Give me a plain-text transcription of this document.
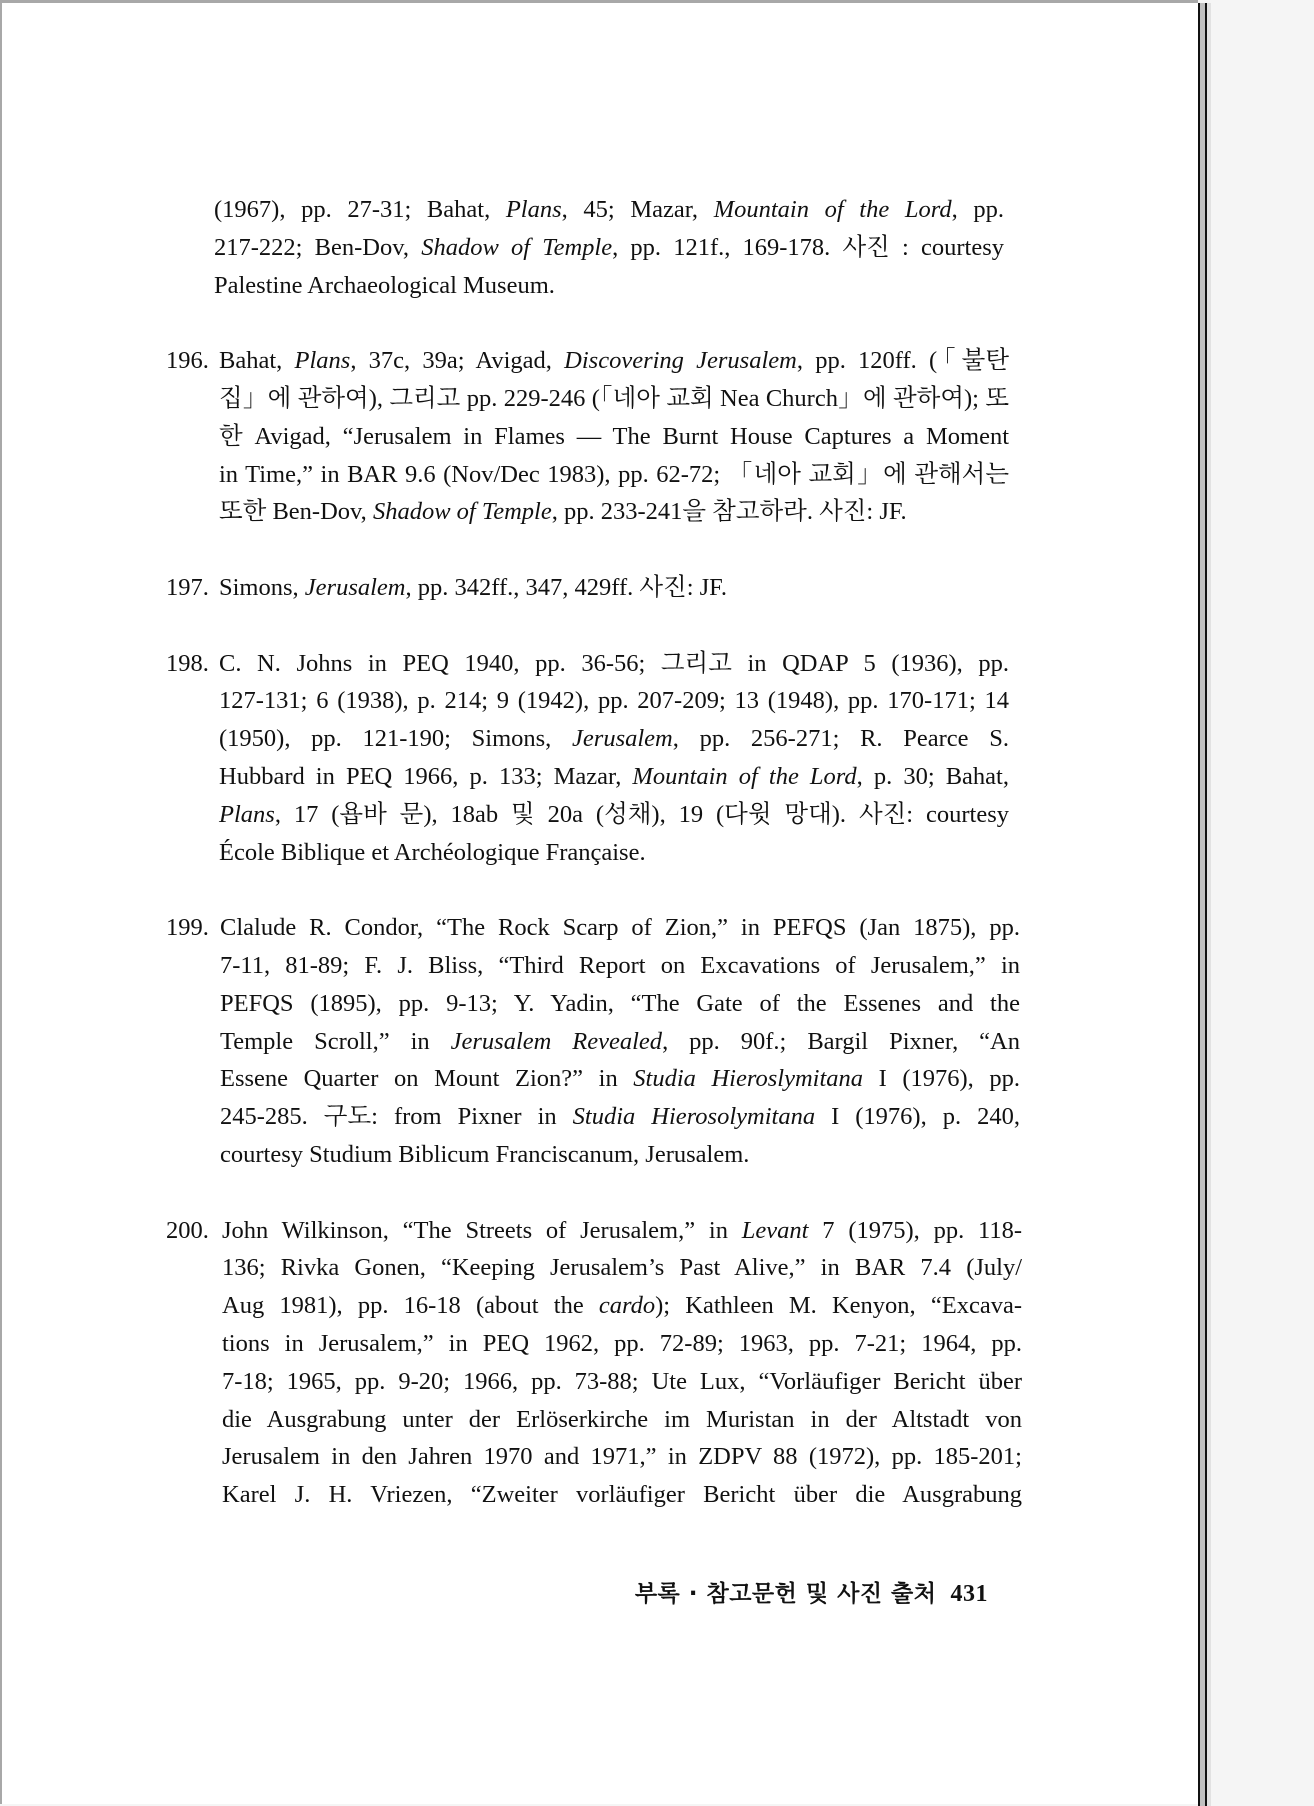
(1967), pp. 27-31; Bahat, Plans, 45; Mazar, Mountain of the Lord, pp.
217-222; Ben-Dov, Shadow of Temple, pp. 121f., 169-178. 사진 : courtesy
Palestine Archaeological Museum.
196. Bahat, Plans, 37c, 39a; Avigad, Discovering Jerusalem, pp. 120ff. (「불탄
집」에 관하여), 그리고 pp. 229-246 (「네아 교회 Nea Church」에 관하여); 또
한 Avigad, “Jerusalem in Flames — The Burnt House Captures a Moment
in Time,” in BAR 9.6 (Nov/Dec 1983), pp. 62-72; 「네아 교회」에 관해서는
또한 Ben-Dov, Shadow of Temple, pp. 233-241을 참고하라. 사진: JF.
197. Simons, Jerusalem, pp. 342ff., 347, 429ff. 사진: JF.
198. C. N. Johns in PEQ 1940, pp. 36-56; 그리고 in QDAP 5 (1936), pp.
127-131; 6 (1938), p. 214; 9 (1942), pp. 207-209; 13 (1948), pp. 170-171; 14
(1950), pp. 121-190; Simons, Jerusalem, pp. 256-271; R. Pearce S.
Hubbard in PEQ 1966, p. 133; Mazar, Mountain of the Lord, p. 30; Bahat,
Plans, 17 (욥바 문), 18ab 및 20a (성채), 19 (다윗 망대). 사진: courtesy
École Biblique et Archéologique Française.
199. Clalude R. Condor, “The Rock Scarp of Zion,” in PEFQS (Jan 1875), pp.
7-11, 81-89; F. J. Bliss, “Third Report on Excavations of Jerusalem,” in
PEFQS (1895), pp. 9-13; Y. Yadin, “The Gate of the Essenes and the
Temple Scroll,” in Jerusalem Revealed, pp. 90f.; Bargil Pixner, “An
Essene Quarter on Mount Zion?” in Studia Hieroslymitana I (1976), pp.
245-285. 구도: from Pixner in Studia Hierosolymitana I (1976), p. 240,
courtesy Studium Biblicum Franciscanum, Jerusalem.
200. John Wilkinson, “The Streets of Jerusalem,” in Levant 7 (1975), pp. 118-
136; Rivka Gonen, “Keeping Jerusalem’s Past Alive,” in BAR 7.4 (July/
Aug 1981), pp. 16-18 (about the cardo); Kathleen M. Kenyon, “Excava-
tions in Jerusalem,” in PEQ 1962, pp. 72-89; 1963, pp. 7-21; 1964, pp.
7-18; 1965, pp. 9-20; 1966, pp. 73-88; Ute Lux, “Vorläufiger Bericht über
die Ausgrabung unter der Erlöserkirche im Muristan in der Altstadt von
Jerusalem in den Jahren 1970 and 1971,” in ZDPV 88 (1972), pp. 185-201;
Karel J. H. Vriezen, “Zweiter vorläufiger Bericht über die Ausgrabung
부록 · 참고문헌 및 사진 출처 431
